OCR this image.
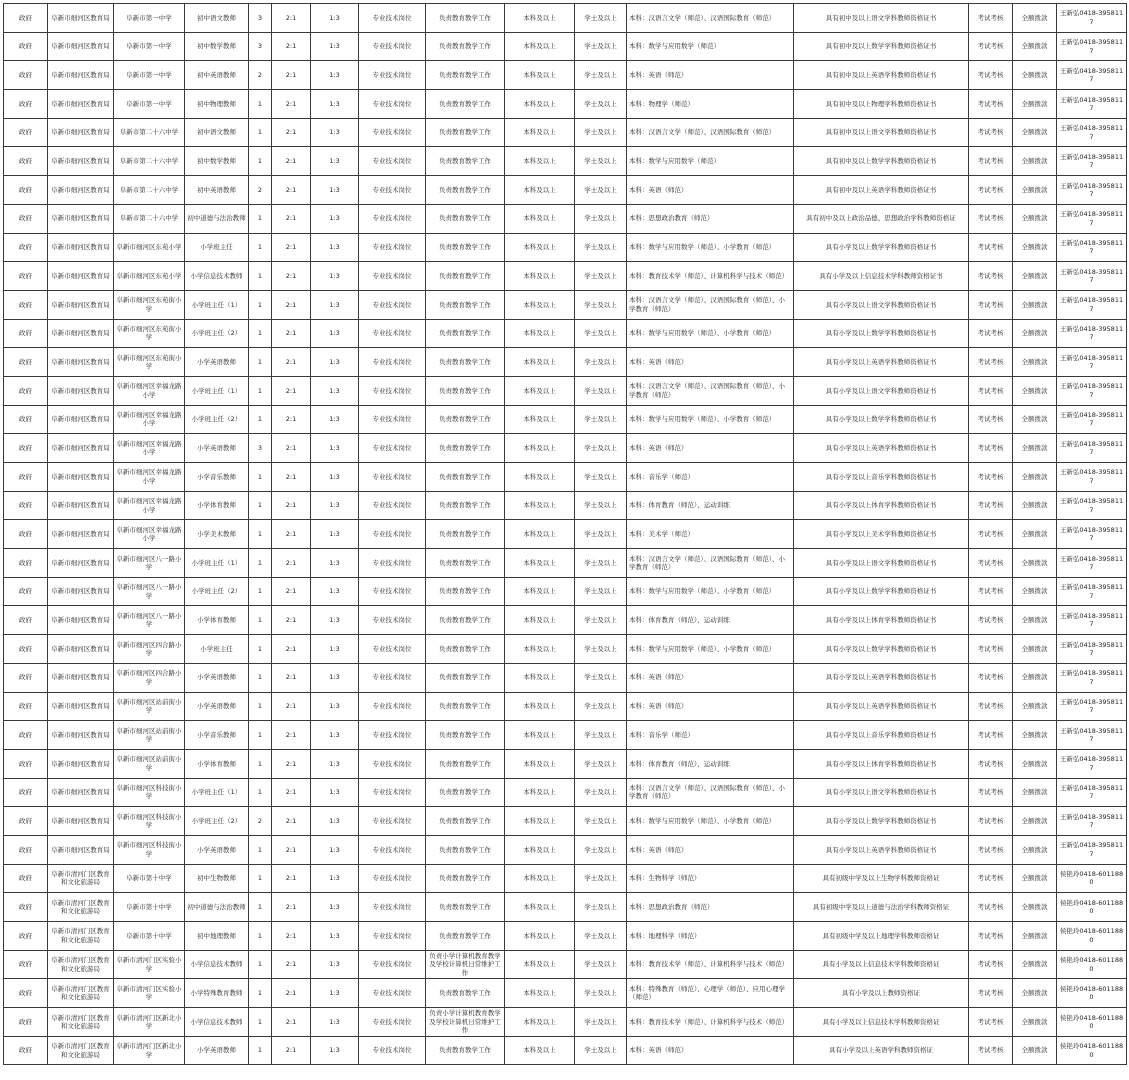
政府	阜新市细河区教育局	阜新市第一中学	初中语文教师	3	2:1	1:3	专业技术岗位	负责教育教学工作	本科及以上	学士及以上	本科：汉语言文学（师范）、汉语国际教育（师范）	具有初中及以上语文学科教师资格证书	考试考核	全额拨款	王新弘0418-3958117
政府	阜新市细河区教育局	阜新市第一中学	初中数学教师	3	2:1	1:3	专业技术岗位	负责教育教学工作	本科及以上	学士及以上	本科：数学与应用数学（师范）	具有初中及以上数学学科教师资格证书	考试考核	全额拨款	王新弘0418-3958117
政府	阜新市细河区教育局	阜新市第一中学	初中英语教师	2	2:1	1:3	专业技术岗位	负责教育教学工作	本科及以上	学士及以上	本科：英语（师范）	具有初中及以上英语学科教师资格证书	考试考核	全额拨款	王新弘0418-3958117
政府	阜新市细河区教育局	阜新市第一中学	初中物理教师	1	2:1	1:3	专业技术岗位	负责教育教学工作	本科及以上	学士及以上	本科：物理学（师范）	具有初中及以上物理学科教师资格证书	考试考核	全额拨款	王新弘0418-3958117
政府	阜新市细河区教育局	阜新市第二十六中学	初中语文教师	1	2:1	1:3	专业技术岗位	负责教育教学工作	本科及以上	学士及以上	本科：汉语言文学（师范）、汉语国际教育（师范）	具有初中及以上语文学科教师资格证书	考试考核	全额拨款	王新弘0418-3958117
政府	阜新市细河区教育局	阜新市第二十六中学	初中数学教师	1	2:1	1:3	专业技术岗位	负责教育教学工作	本科及以上	学士及以上	本科：数学与应用数学（师范）	具有初中及以上数学学科教师资格证书	考试考核	全额拨款	王新弘0418-3958117
政府	阜新市细河区教育局	阜新市第二十六中学	初中英语教师	2	2:1	1:3	专业技术岗位	负责教育教学工作	本科及以上	学士及以上	本科：英语（师范）	具有初中及以上英语学科教师资格证书	考试考核	全额拨款	王新弘0418-3958117
政府	阜新市细河区教育局	阜新市第二十六中学	初中道德与法治教师	1	2:1	1:3	专业技术岗位	负责教育教学工作	本科及以上	学士及以上	本科：思想政治教育（师范）	具有初中及以上政治品德、思想政治学科教师资格证	考试考核	全额拨款	王新弘0418-3958117
政府	阜新市细河区教育局	阜新市细河区东苑小学	小学班主任	1	2:1	1:3	专业技术岗位	负责教育教学工作	本科及以上	学士及以上	本科：数学与应用数学（师范）、小学教育（师范）	具有小学及以上数学学科教师资格证书	考试考核	全额拨款	王新弘0418-3958117
政府	阜新市细河区教育局	阜新市细河区东苑小学	小学信息技术教师	1	2:1	1:3	专业技术岗位	负责教育教学工作	本科及以上	学士及以上	本科：教育技术学（师范）、计算机科学与技术（师范）	具有小学及以上信息技术学科教师资格证书	考试考核	全额拨款	王新弘0418-3958117
政府	阜新市细河区教育局	阜新市细河区东苑街小学	小学班主任（1）	1	2:1	1:3	专业技术岗位	负责教育教学工作	本科及以上	学士及以上	本科：汉语言文学（师范）、汉语国际教育（师范）、小学教育（师范）	具有小学及以上语文学科教师资格证书	考试考核	全额拨款	王新弘0418-3958117
政府	阜新市细河区教育局	阜新市细河区东苑街小学	小学班主任（2）	1	2:1	1:3	专业技术岗位	负责教育教学工作	本科及以上	学士及以上	本科：数学与应用数学（师范）、小学教育（师范）	具有小学及以上数学学科教师资格证书	考试考核	全额拨款	王新弘0418-3958117
政府	阜新市细河区教育局	阜新市细河区东苑街小学	小学英语教师	1	2:1	1:3	专业技术岗位	负责教育教学工作	本科及以上	学士及以上	本科：英语（师范）	具有小学及以上英语学科教师资格证书	考试考核	全额拨款	王新弘0418-3958117
政府	阜新市细河区教育局	阜新市细河区幸福龙路小学	小学班主任（1）	1	2:1	1:3	专业技术岗位	负责教育教学工作	本科及以上	学士及以上	本科：汉语言文学（师范）、汉语国际教育（师范）、小学教育（师范）	具有小学及以上语文学科教师资格证书	考试考核	全额拨款	王新弘0418-3958117
政府	阜新市细河区教育局	阜新市细河区幸福龙路小学	小学班主任（2）	1	2:1	1:3	专业技术岗位	负责教育教学工作	本科及以上	学士及以上	本科：数学与应用数学（师范）、小学教育（师范）	具有小学及以上数学学科教师资格证书	考试考核	全额拨款	王新弘0418-3958117
政府	阜新市细河区教育局	阜新市细河区幸福龙路小学	小学英语教师	3	2:1	1:3	专业技术岗位	负责教育教学工作	本科及以上	学士及以上	本科：英语（师范）	具有小学及以上英语学科教师资格证书	考试考核	全额拨款	王新弘0418-3958117
政府	阜新市细河区教育局	阜新市细河区幸福龙路小学	小学音乐教师	1	2:1	1:3	专业技术岗位	负责教育教学工作	本科及以上	学士及以上	本科：音乐学（师范）	具有小学及以上音乐学科教师资格证书	考试考核	全额拨款	王新弘0418-3958117
政府	阜新市细河区教育局	阜新市细河区幸福龙路小学	小学体育教师	1	2:1	1:3	专业技术岗位	负责教育教学工作	本科及以上	学士及以上	本科：体育教育（师范）、运动训练	具有小学及以上体育学科教师资格证书	考试考核	全额拨款	王新弘0418-3958117
政府	阜新市细河区教育局	阜新市细河区幸福龙路小学	小学美术教师	1	2:1	1:3	专业技术岗位	负责教育教学工作	本科及以上	学士及以上	本科：美术学（师范）	具有小学及以上美术学科教师资格证书	考试考核	全额拨款	王新弘0418-3958117
政府	阜新市细河区教育局	阜新市细河区八一路小学	小学班主任（1）	1	2:1	1:3	专业技术岗位	负责教育教学工作	本科及以上	学士及以上	本科：汉语言文学（师范）、汉语国际教育（师范）、小学教育（师范）	具有小学及以上语文学科教师资格证书	考试考核	全额拨款	王新弘0418-3958117
政府	阜新市细河区教育局	阜新市细河区八一路小学	小学班主任（2）	1	2:1	1:3	专业技术岗位	负责教育教学工作	本科及以上	学士及以上	本科：数学与应用数学（师范）、小学教育（师范）	具有小学及以上数学学科教师资格证书	考试考核	全额拨款	王新弘0418-3958117
政府	阜新市细河区教育局	阜新市细河区八一路小学	小学体育教师	1	2:1	1:3	专业技术岗位	负责教育教学工作	本科及以上	学士及以上	本科：体育教育（师范）、运动训练	具有小学及以上体育学科教师资格证书	考试考核	全额拨款	王新弘0418-3958117
政府	阜新市细河区教育局	阜新市细河区四合路小学	小学班主任	1	2:1	1:3	专业技术岗位	负责教育教学工作	本科及以上	学士及以上	本科：数学与应用数学（师范）、小学教育（师范）	具有小学及以上数学学科教师资格证书	考试考核	全额拨款	王新弘0418-3958117
政府	阜新市细河区教育局	阜新市细河区四合路小学	小学英语教师	1	2:1	1:3	专业技术岗位	负责教育教学工作	本科及以上	学士及以上	本科：英语（师范）	具有小学及以上英语学科教师资格证书	考试考核	全额拨款	王新弘0418-3958117
政府	阜新市细河区教育局	阜新市细河区站前街小学	小学英语教师	1	2:1	1:3	专业技术岗位	负责教育教学工作	本科及以上	学士及以上	本科：英语（师范）	具有小学及以上英语学科教师资格证书	考试考核	全额拨款	王新弘0418-3958117
政府	阜新市细河区教育局	阜新市细河区站前街小学	小学音乐教师	1	2:1	1:3	专业技术岗位	负责教育教学工作	本科及以上	学士及以上	本科：音乐学（师范）	具有小学及以上音乐学科教师资格证书	考试考核	全额拨款	王新弘0418-3958117
政府	阜新市细河区教育局	阜新市细河区站前街小学	小学体育教师	1	2:1	1:3	专业技术岗位	负责教育教学工作	本科及以上	学士及以上	本科：体育教育（师范）、运动训练	具有小学及以上体育学科教师资格证书	考试考核	全额拨款	王新弘0418-3958117
政府	阜新市细河区教育局	阜新市细河区科技街小学	小学班主任（1）	1	2:1	1:3	专业技术岗位	负责教育教学工作	本科及以上	学士及以上	本科：汉语言文学（师范）、汉语国际教育（师范）、小学教育（师范）	具有小学及以上语文学科教师资格证书	考试考核	全额拨款	王新弘0418-3958117
政府	阜新市细河区教育局	阜新市细河区科技街小学	小学班主任（2）	2	2:1	1:3	专业技术岗位	负责教育教学工作	本科及以上	学士及以上	本科：数学与应用数学（师范）、小学教育（师范）	具有小学及以上数学学科教师资格证书	考试考核	全额拨款	王新弘0418-3958117
政府	阜新市细河区教育局	阜新市细河区科技街小学	小学英语教师	1	2:1	1:3	专业技术岗位	负责教育教学工作	本科及以上	学士及以上	本科：英语（师范）	具有小学及以上英语学科教师资格证书	考试考核	全额拨款	王新弘0418-3958117
政府	阜新市清河门区教育和文化旅游局	阜新市第十中学	初中生物教师	1	2:1	1:3	专业技术岗位	负责教育教学工作	本科及以上	学士及以上	本科：生物科学（师范）	具有初级中学及以上生物学科教师资格证	考试考核	全额拨款	侯艳玲0418-6011880
政府	阜新市清河门区教育和文化旅游局	阜新市第十中学	初中道德与法治教师	1	2:1	1:3	专业技术岗位	负责教育教学工作	本科及以上	学士及以上	本科：思想政治教育（师范）	具有初级中学及以上道德与法治学科教师资格证	考试考核	全额拨款	侯艳玲0418-6011880
政府	阜新市清河门区教育和文化旅游局	阜新市第十中学	初中地理教师	1	2:1	1:3	专业技术岗位	负责教育教学工作	本科及以上	学士及以上	本科：地理科学（师范）	具有初级中学及以上地理学科教师资格证	考试考核	全额拨款	侯艳玲0418-6011880
政府	阜新市清河门区教育和文化旅游局	阜新市清河门区实验小学	小学信息技术教师	1	2:1	1:3	专业技术岗位	负责小学计算机教育教学及学校计算机日常维护工作	本科及以上	学士及以上	本科：教育技术学（师范）、计算机科学与技术（师范）	具有小学及以上信息技术学科教师资格证	考试考核	全额拨款	侯艳玲0418-6011880
政府	阜新市清河门区教育和文化旅游局	阜新市清河门区实验小学	小学特殊教育教师	1	2:1	1:3	专业技术岗位	负责教育教学工作	本科及以上	学士及以上	本科：特殊教育（师范）、心理学（师范）、应用心理学（师范）	具有小学及以上教师资格证	考试考核	全额拨款	侯艳玲0418-6011880
政府	阜新市清河门区教育和文化旅游局	阜新市清河门区新北小学	小学信息技术教师	1	2:1	1:3	专业技术岗位	负责小学计算机教育教学及学校计算机日常维护工作	本科及以上	学士及以上	本科：教育技术学（师范）、计算机科学与技术（师范）	具有小学及以上信息技术学科教师资格证	考试考核	全额拨款	侯艳玲0418-6011880
政府	阜新市清河门区教育和文化旅游局	阜新市清河门区新北小学	小学英语教师	1	2:1	1:3	专业技术岗位	负责教育教学工作	本科及以上	学士及以上	本科：英语（师范）	具有小学及以上英语学科教师资格证	考试考核	全额拨款	侯艳玲0418-6011880
